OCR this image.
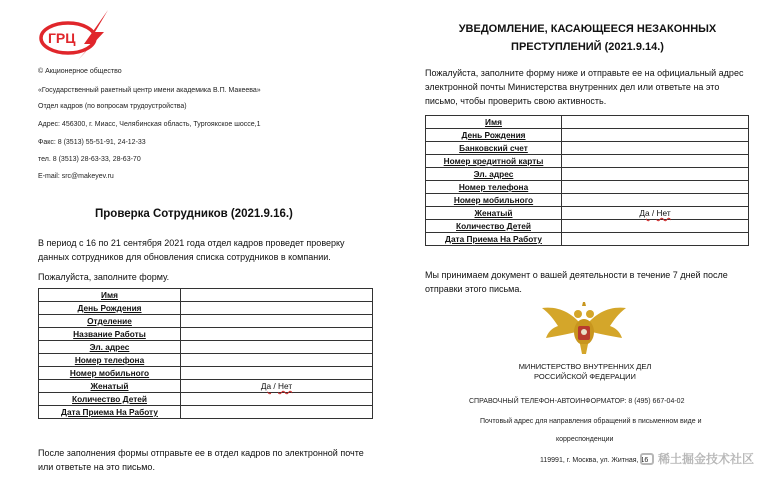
ГРЦ
© Акционерное общество
«Государственный ракетный центр имени академика В.П. Макеева»
Отдел кадров (по вопросам трудоустройства)
Адрес: 456300, г. Миасс, Челябинская область, Тургоякское шоссе,1
Факс: 8 (3513) 55-51-91, 24-12-33
тел. 8 (3513) 28-63-33, 28-63-70
E-mail: src@makeyev.ru
Проверка Сотрудников (2021.9.16.)
В период с 16 по 21 сентября 2021 года отдел кадров проведет проверку данных сотрудников для обновления списка сотрудников в компании.
Пожалуйста, заполните форму.
Имя	
День Рождения	
Отделение	
Название Работы	
Эл. адрес	
Номер телефона	
Номер мобильного	
Женатый	Да / Нет
Количество Детей	
Дата Приема На Работу	
После заполнения формы отправьте ее в отдел кадров по электронной почте или ответьте на это письмо.
УВЕДОМЛЕНИЕ, КАСАЮЩЕЕСЯ НЕЗАКОННЫХ
ПРЕСТУПЛЕНИЙ (2021.9.14.)
Пожалуйста, заполните форму ниже и отправьте ее на официальный адрес электронной почты Министерства внутренних дел или ответьте на это письмо, чтобы проверить свою активность.
Имя	
День Рождения	
Банковский счет	
Номер кредитной карты	
Эл. адрес	
Номер телефона	
Номер мобильного	
Женатый	Да / Нет
Количество Детей	
Дата Приема На Работу	
Мы принимаем документ о вашей деятельности в течение 7 дней после отправки этого письма.
МИНИСТЕРСТВО ВНУТРЕННИХ ДЕЛ
РОССИЙСКОЙ ФЕДЕРАЦИИ
СПРАВОЧНЫЙ ТЕЛЕФОН-АВТОИНФОРМАТОР: 8 (495) 667-04-02
Почтовый адрес для направления обращений в письменном виде и
корреспонденции
119991, г. Москва, ул. Житная, 16 稀土掘金技术社区
